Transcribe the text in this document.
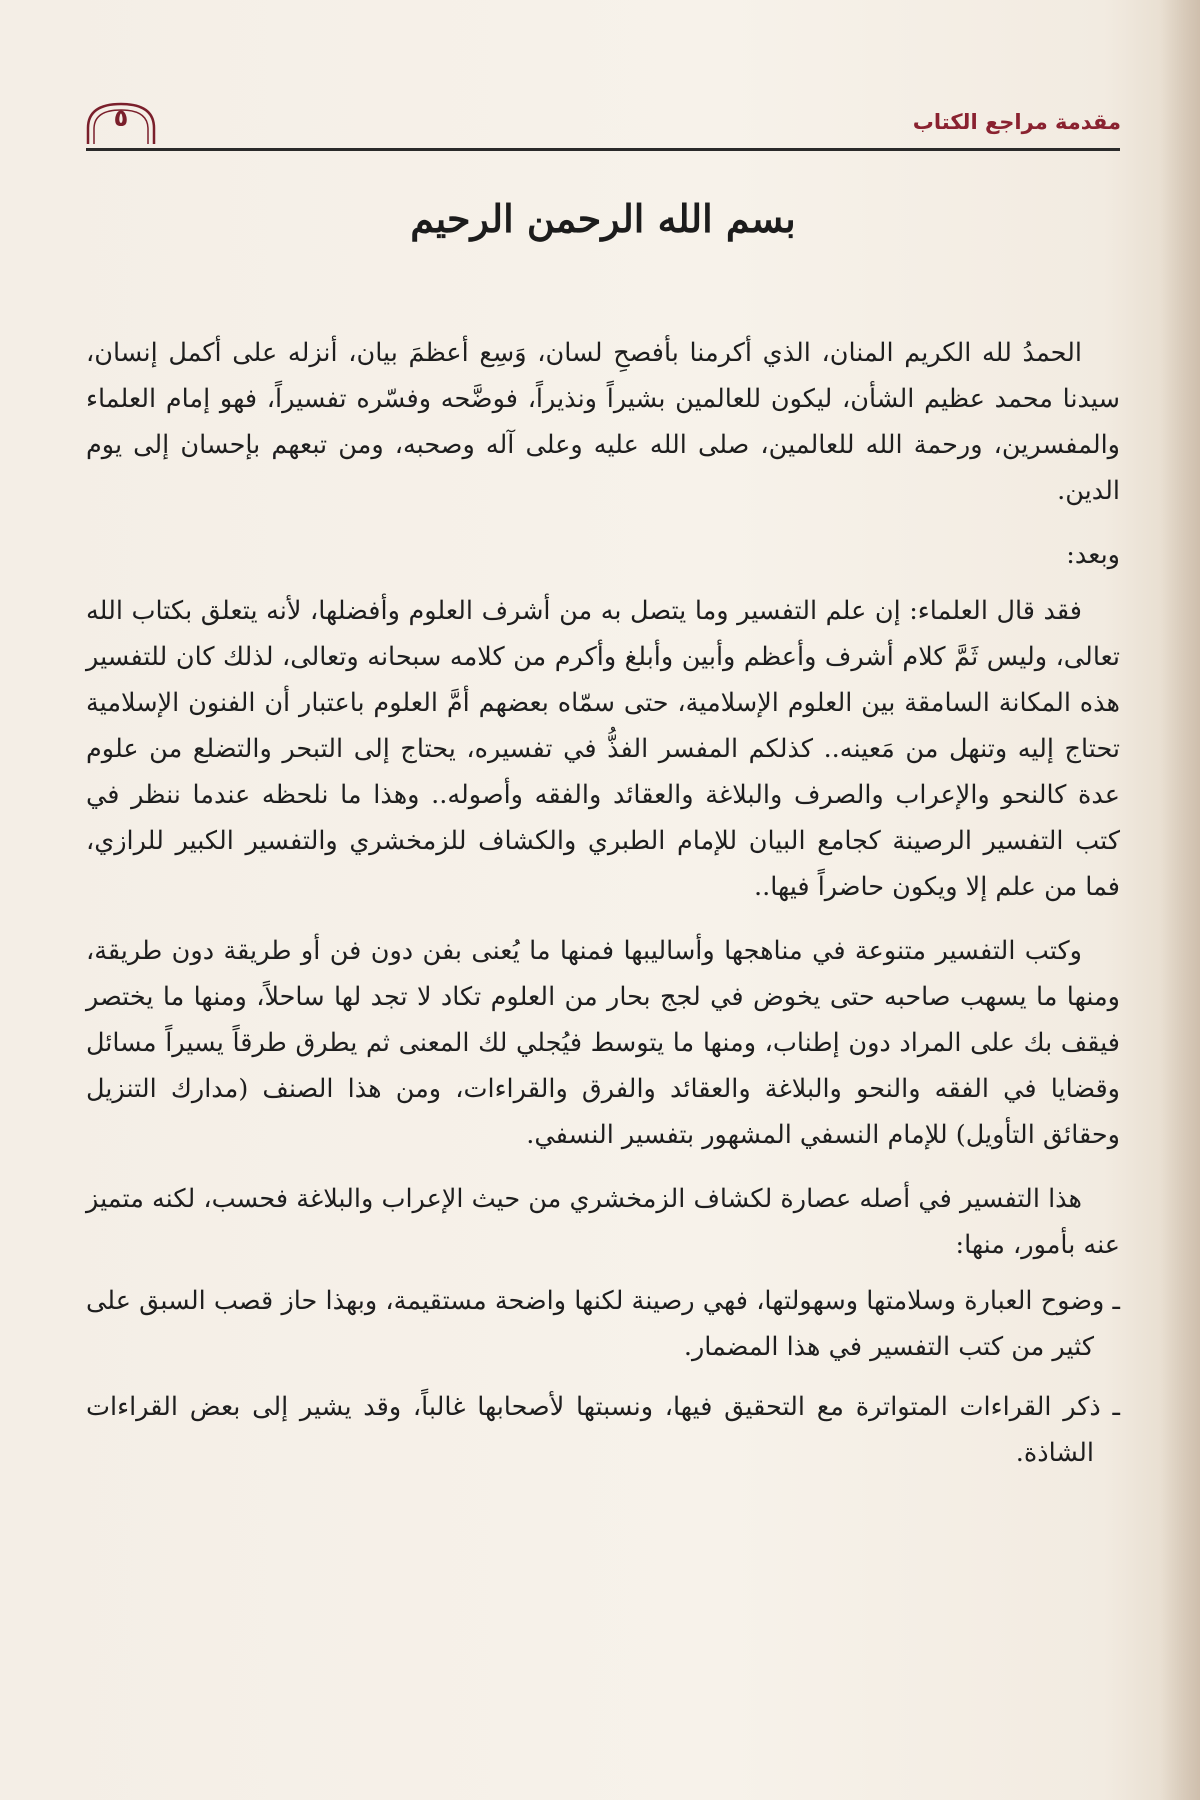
مقدمة مراجع الكتاب
٥
بسم الله الرحمن الرحيم

الحمدُ لله الكريم المنان، الذي أكرمنا بأفصحِ لسان، وَسِع أعظمَ بيان، أنزله على أكمل إنسان، سيدنا محمد عظيم الشأن، ليكون للعالمين بشيراً ونذيراً، فوضَّحه وفسّره تفسيراً، فهو إمام العلماء والمفسرين، ورحمة الله للعالمين، صلى الله عليه وعلى آله وصحبه، ومن تبعهم بإحسان إلى يوم الدين.

وبعد:

فقد قال العلماء: إن علم التفسير وما يتصل به من أشرف العلوم وأفضلها، لأنه يتعلق بكتاب الله تعالى، وليس ثَمَّ كلام أشرف وأعظم وأبين وأبلغ وأكرم من كلامه سبحانه وتعالى، لذلك كان للتفسير هذه المكانة السامقة بين العلوم الإسلامية، حتى سمّاه بعضهم أمَّ العلوم باعتبار أن الفنون الإسلامية تحتاج إليه وتنهل من مَعينه.. كذلكم المفسر الفذُّ في تفسيره، يحتاج إلى التبحر والتضلع من علوم عدة كالنحو والإعراب والصرف والبلاغة والعقائد والفقه وأصوله.. وهذا ما نلحظه عندما ننظر في كتب التفسير الرصينة كجامع البيان للإمام الطبري والكشاف للزمخشري والتفسير الكبير للرازي، فما من علم إلا ويكون حاضراً فيها..

وكتب التفسير متنوعة في مناهجها وأساليبها فمنها ما يُعنى بفن دون فن أو طريقة دون طريقة، ومنها ما يسهب صاحبه حتى يخوض في لجج بحار من العلوم تكاد لا تجد لها ساحلاً، ومنها ما يختصر فيقف بك على المراد دون إطناب، ومنها ما يتوسط فيُجلي لك المعنى ثم يطرق طرقاً يسيراً مسائل وقضايا في الفقه والنحو والبلاغة والعقائد والفرق والقراءات، ومن هذا الصنف (مدارك التنزيل وحقائق التأويل) للإمام النسفي المشهور بتفسير النسفي.

هذا التفسير في أصله عصارة لكشاف الزمخشري من حيث الإعراب والبلاغة فحسب، لكنه متميز عنه بأمور، منها:

ـ وضوح العبارة وسلامتها وسهولتها، فهي رصينة لكنها واضحة مستقيمة، وبهذا حاز قصب السبق على كثير من كتب التفسير في هذا المضمار.

ـ ذكر القراءات المتواترة مع التحقيق فيها، ونسبتها لأصحابها غالباً، وقد يشير إلى بعض القراءات الشاذة.
